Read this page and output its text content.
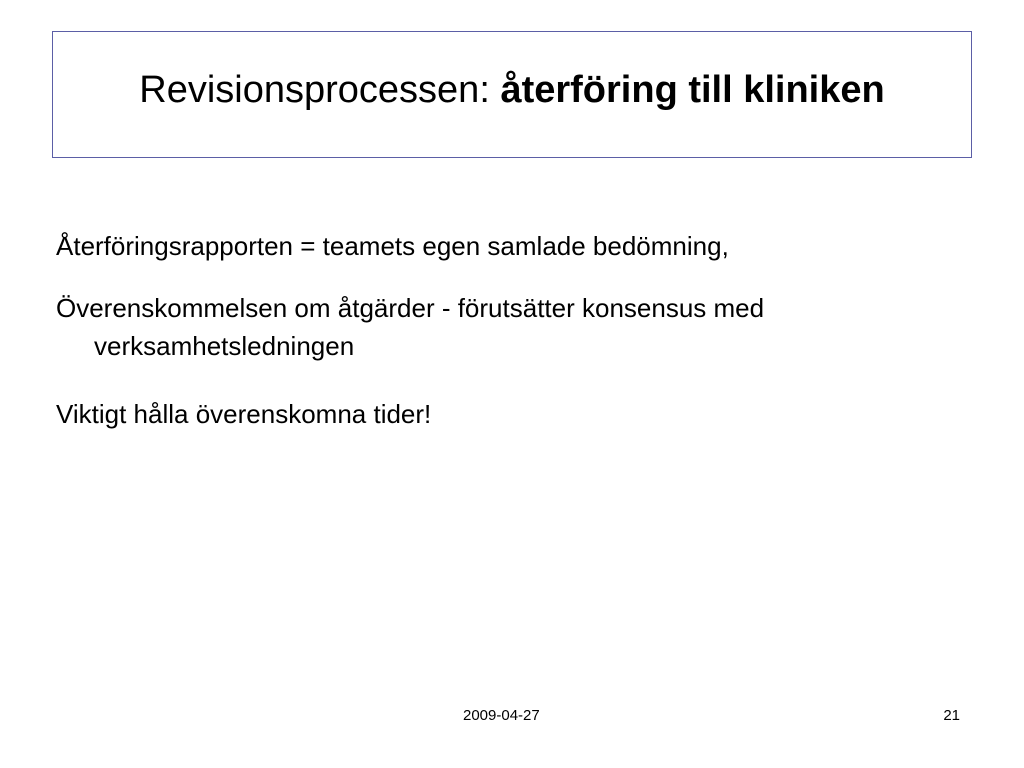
Revisionsprocessen: återföring till kliniken

Återföringsrapporten = teamets egen samlade bedömning,

Överenskommelsen om åtgärder - förutsätter konsensus med verksamhetsledningen

Viktigt hålla överenskomna tider!

2009-04-27	21
